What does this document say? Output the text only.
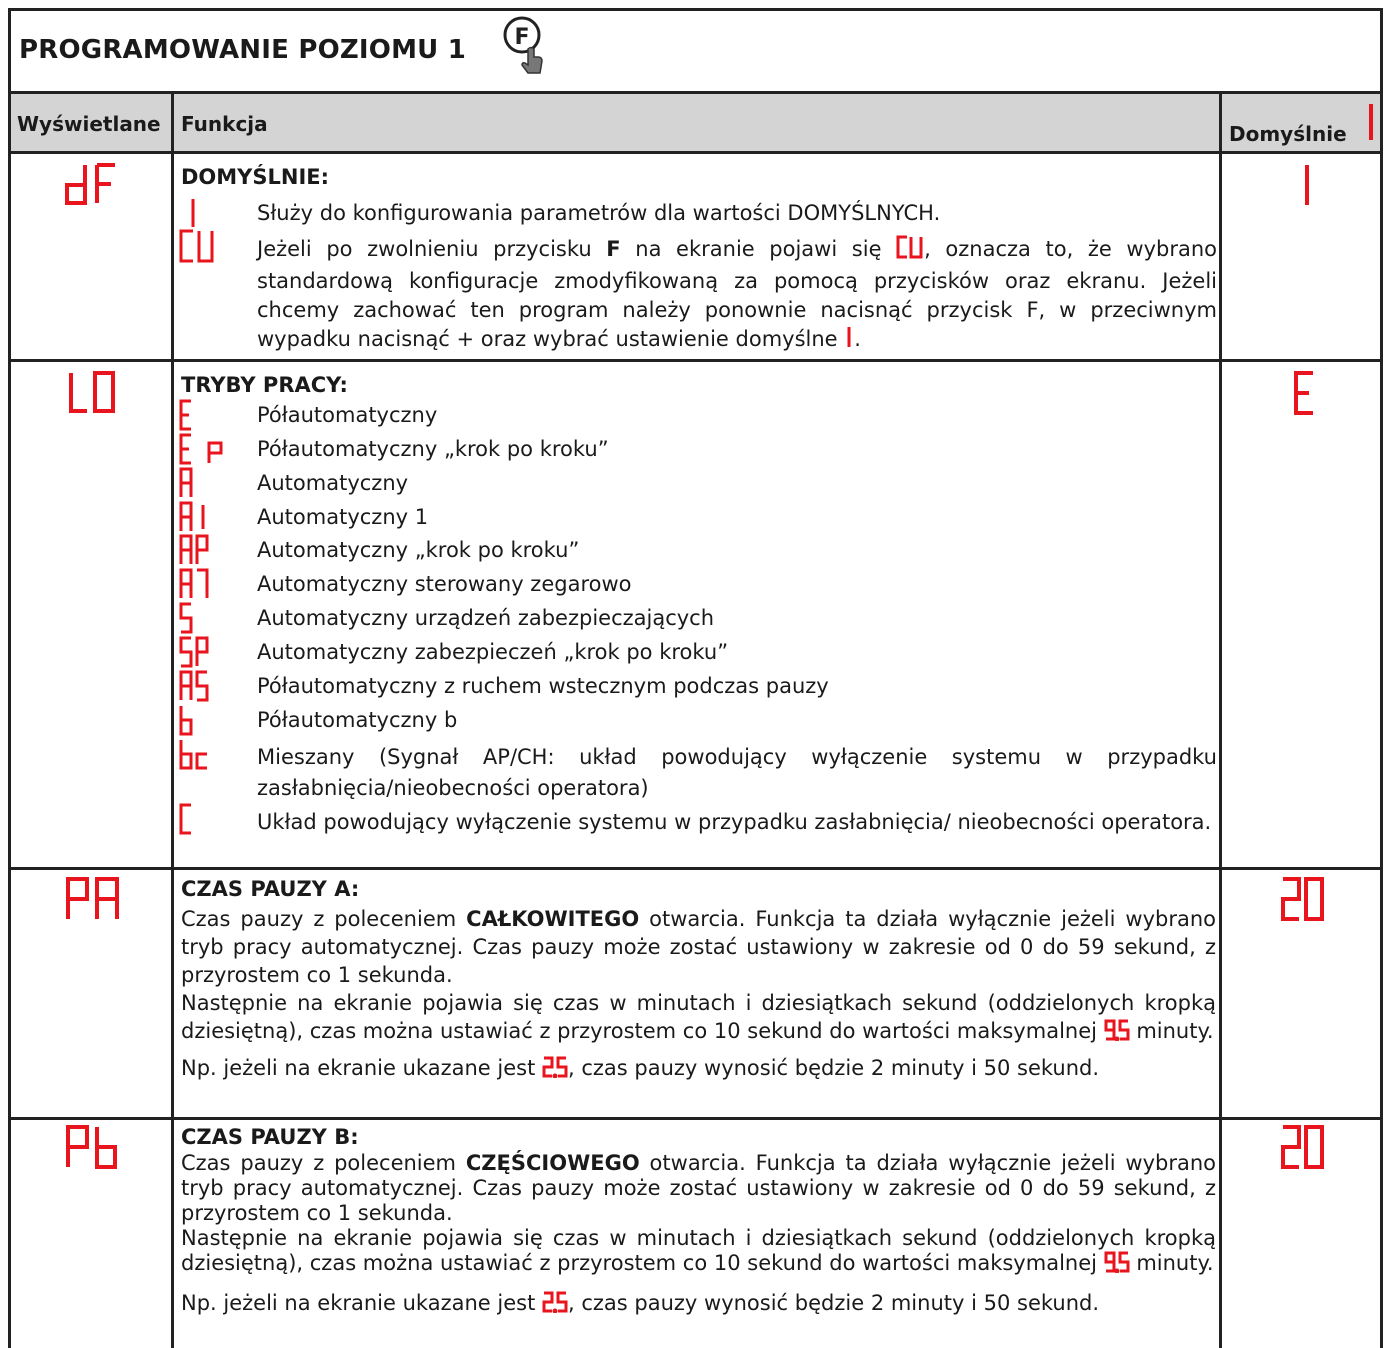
PROGRAMOWANIE POZIOMU 1 F
Wyświetlane Funkcja	Domyślnie
DOMYŚLNIE:
Służy do konfigurowania parametrów dla wartości DOMYŚLNYCH.
Jeżeli po zwolnieniu przycisku F na ekranie pojawi się , oznacza to, że wybrano standardową konfiguracje zmodyfikowaną za pomocą przycisków oraz ekranu. Jeżeli chcemy zachować ten program należy ponownie nacisnąć przycisk F, w przeciwnym wypadku nacisnąć + oraz wybrać ustawienie domyślne .
TRYBY PRACY:
Półautomatyczny
Półautomatyczny „krok po kroku”
Automatyczny
Automatyczny 1
Automatyczny „krok po kroku”
Automatyczny sterowany zegarowo
Automatyczny urządzeń zabezpieczających
Automatyczny zabezpieczeń „krok po kroku”
Półautomatyczny z ruchem wstecznym podczas pauzy
Półautomatyczny b
Mieszany (Sygnał AP/CH: układ powodujący wyłączenie systemu w przypadku zasłabnięcia/nieobecności operatora)
Układ powodujący wyłączenie systemu w przypadku zasłabnięcia/ nieobecności operatora.
CZAS PAUZY A:

Czas pauzy z poleceniem CAŁKOWITEGO otwarcia. Funkcja ta działa wyłącznie jeżeli wybrano tryb pracy automatycznej. Czas pauzy może zostać ustawiony w zakresie od 0 do 59 sekund, z przyrostem co 1 sekunda.

Następnie na ekranie pojawia się czas w minutach i dziesiątkach sekund (oddzielonych kropką dziesiętną), czas można ustawiać z przyrostem co 10 sekund do wartości maksymalnej  minuty.

Np. jeżeli na ekranie ukazane jest , czas pauzy wynosić będzie 2 minuty i 50 sekund.

CZAS PAUZY B:

Czas pauzy z poleceniem CZĘŚCIOWEGO otwarcia. Funkcja ta działa wyłącznie jeżeli wybrano tryb pracy automatycznej. Czas pauzy może zostać ustawiony w zakresie od 0 do 59 sekund, z przyrostem co 1 sekunda.

Następnie na ekranie pojawia się czas w minutach i dziesiątkach sekund (oddzielonych kropką dziesiętną), czas można ustawiać z przyrostem co 10 sekund do wartości maksymalnej  minuty.

Np. jeżeli na ekranie ukazane jest , czas pauzy wynosić będzie 2 minuty i 50 sekund.
